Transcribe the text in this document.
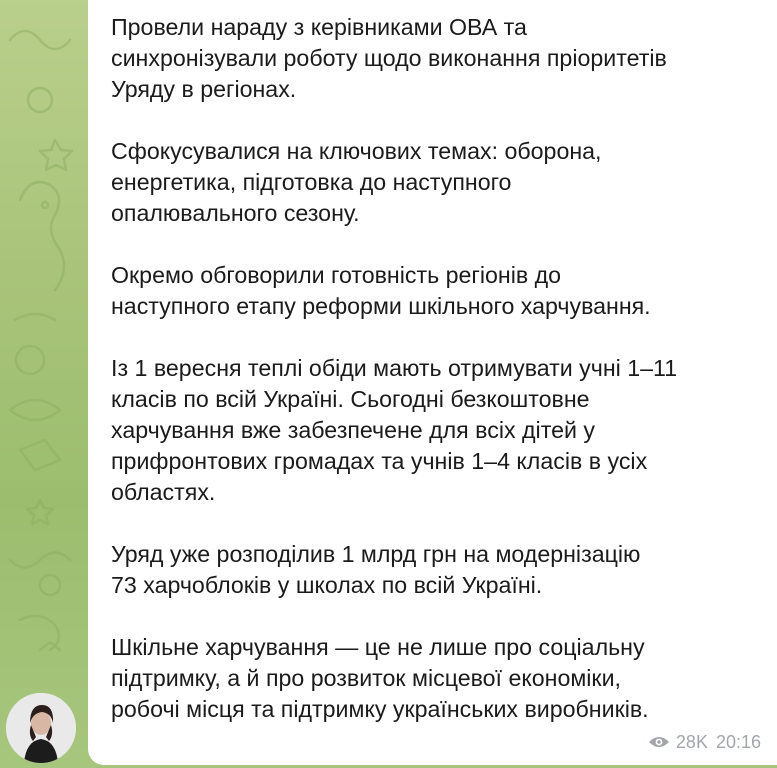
Провели нараду з керівниками ОВА та
синхронізували роботу щодо виконання пріоритетів
Уряду в регіонах.

Сфокусувалися на ключових темах: оборона,
енергетика, підготовка до наступного
опалювального сезону.

Окремо обговорили готовність регіонів до
наступного етапу реформи шкільного харчування.

Із 1 вересня теплі обіди мають отримувати учні 1–11
класів по всій Україні. Сьогодні безкоштовне
харчування вже забезпечене для всіх дітей у
прифронтових громадах та учнів 1–4 класів в усіх
областях.

Уряд уже розподілив 1 млрд грн на модернізацію
73 харчоблоків у школах по всій Україні.

Шкільне харчування — це не лише про соціальну
підтримку, а й про розвиток місцевої економіки,
робочі місця та підтримку українських виробників.

28K 20:16
